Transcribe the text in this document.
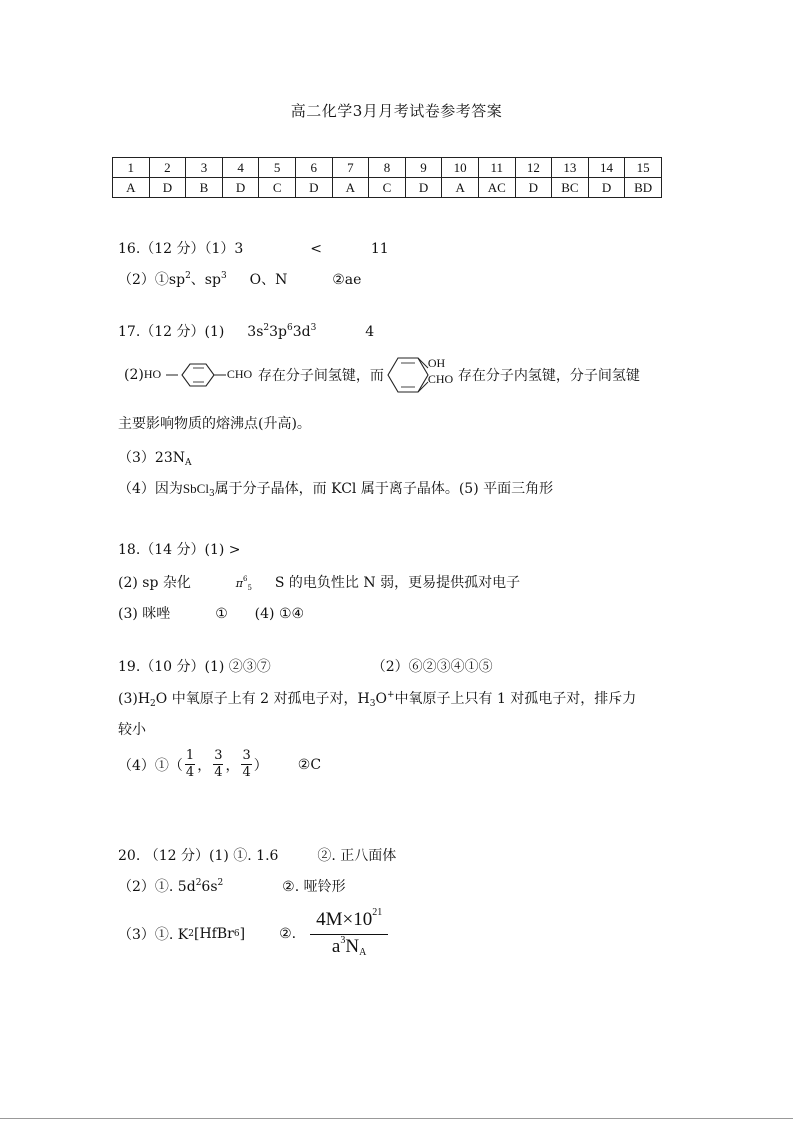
高二化学3月月考试卷参考答案
1	2	3	4	5	6	7	8	9	10	11	12	13	14	15
A	D	B	D	C	D	A	C	D	A	AC	D	BC	D	BD
16.（12 分）（1）3	<	11
$(2)①sp^2$、$sp^3$ O、N	②ae
17.（12 分）(1) $3s^23p^63d^3$	4
(2) HO	CHO 存在分子间氢键，而
OH
CHO 存在分子内氢键，分子间氢键
主要影响物质的熔沸点(升高)。
$(3)23N_A$
（4）因为SbCl$_3$属于分子晶体，而 KCl 属于离子晶体。(5) 平面三角形
18.（14 分）(1) >
(2) sp 杂化	$\pi^6_5$ S 的电负性比 N 弱，更易提供孤对电子
(3) 咪唑	① (4) ①④
19.（10 分）(1) ②③⑦	（2）⑥②③④①⑤
$(3)H_2O$ 中氧原子上有 2 对孤电子对，$H_3O^+$中氧原子上只有 1 对孤电子对，排斥力
较小
（4）①（ $\frac{1}{4}$ ， $\frac{3}{4}$ ， $\frac{3}{4}$ ） ②C
20. （12 分）(1) ①. 1.6	②. 正八面体
（2）①. $5d^26s^2$	②. 哑铃形
（3）①. K 2 [HfBr 6 ] ②. $\frac{4M\times 10^{21}}{a^3N_A}$
